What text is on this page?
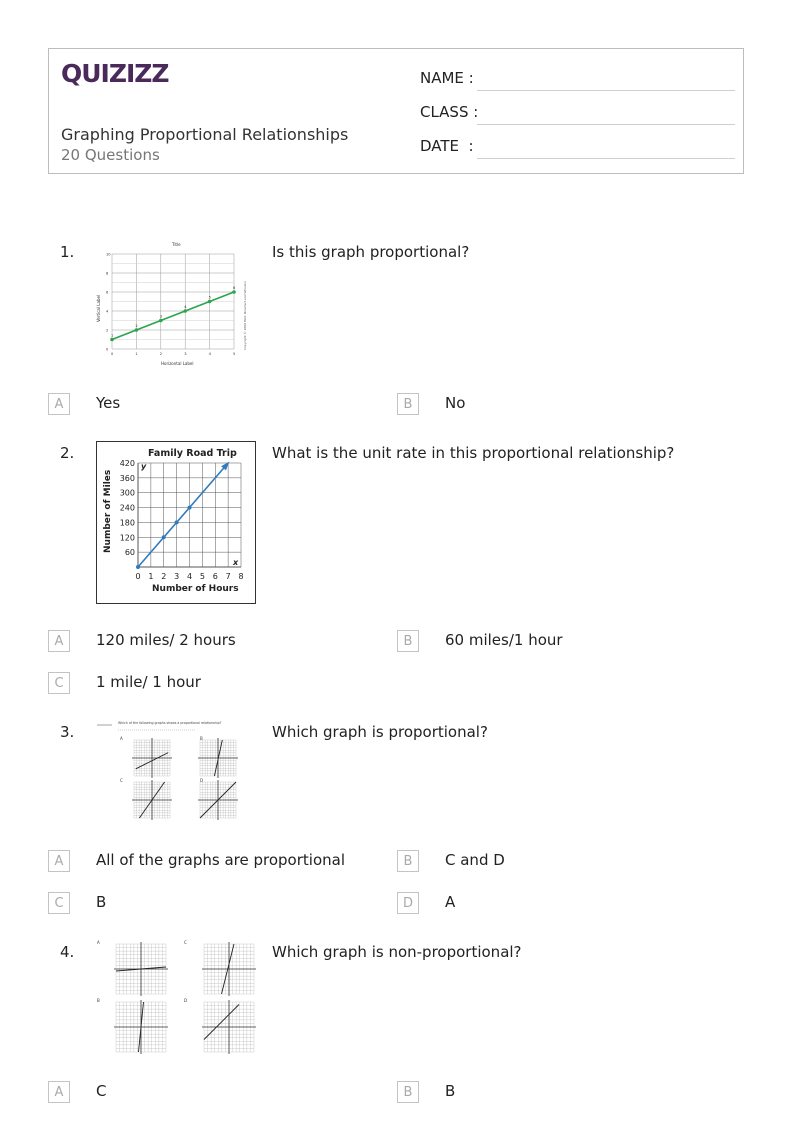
QUIZIZZ
Graphing Proportional Relationships
20 Questions
NAME :
CLASS :
DATE  :
1.	Is this graph proportional?
Title
Horizontal Label
Vertical Label	Copyright © 2006 Holt, Rinehart and Winston
0
2
4
6
8
10
0	1	2	3	4	5
1
2
3
4
5
6
A	Yes	B	No
2.	What is the unit rate in this proportional relationship?
Family Road Trip
Number of Hours
Number of Miles 60
120
180
240
300
360
420
0 1 2 3 4 5 6 7 8
y
x
A	120 miles/ 2 hours	B	60 miles/1 hour
C	1 mile/ 1 hour
3.	Which graph is proportional?
Which of the following graphs shows a proportional relationship?
A	B
C	D
A	All of the graphs are proportional	B	C and D
C	B	D	A
4.	Which graph is non-proportional?
A	C
B	D
A	C	B	B
